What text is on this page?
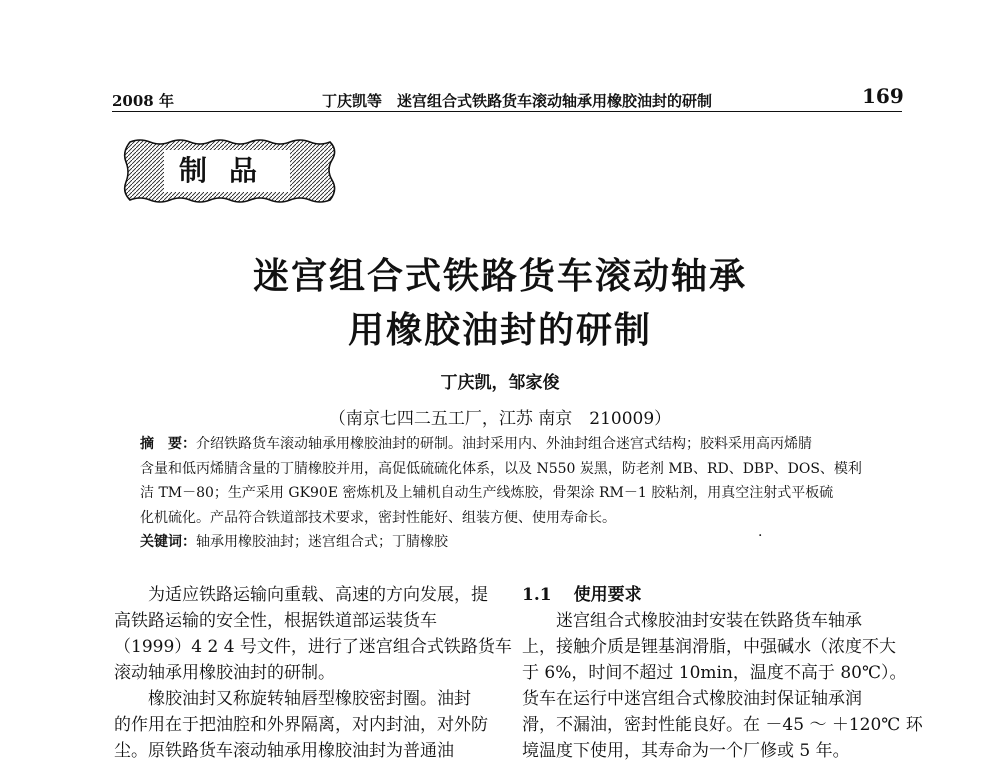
2008 年	丁庆凯等　迷宫组合式铁路货车滚动轴承用橡胶油封的研制	169
制品
迷宫组合式铁路货车滚动轴承
用橡胶油封的研制
丁庆凯，邹家俊
（南京七四二五工厂，江苏 南京　210009）
摘　要：介绍铁路货车滚动轴承用橡胶油封的研制。油封采用内、外油封组合迷宫式结构；胶料采用高丙烯腈
含量和低丙烯腈含量的丁腈橡胶并用，高促低硫硫化体系，以及 N550 炭黑，防老剂 MB、RD、DBP、DOS、模利
洁 TM－80；生产采用 GK90E 密炼机及上辅机自动生产线炼胶，骨架涂 RM－1 胶粘剂，用真空注射式平板硫
化机硫化。产品符合铁道部技术要求，密封性能好、组装方便、使用寿命长。
关键词：轴承用橡胶油封；迷宫组合式；丁腈橡胶	·
为适应铁路运输向重载、高速的方向发展，提
高铁路运输的安全性，根据铁道部运装货车
（1999）4 2 4 号文件，进行了迷宫组合式铁路货车
滚动轴承用橡胶油封的研制。
橡胶油封又称旋转轴唇型橡胶密封圈。油封
的作用在于把油腔和外界隔离，对内封油，对外防
尘。原铁路货车滚动轴承用橡胶油封为普通油
1.1 使用要求
迷宫组合式橡胶油封安装在铁路货车轴承
上，接触介质是锂基润滑脂，中强碱水（浓度不大
于 6%，时间不超过 10min，温度不高于 80℃）。
货车在运行中迷宫组合式橡胶油封保证轴承润
滑，不漏油，密封性能良好。在 －45 ～ ＋120℃ 环
境温度下使用，其寿命为一个厂修或 5 年。
